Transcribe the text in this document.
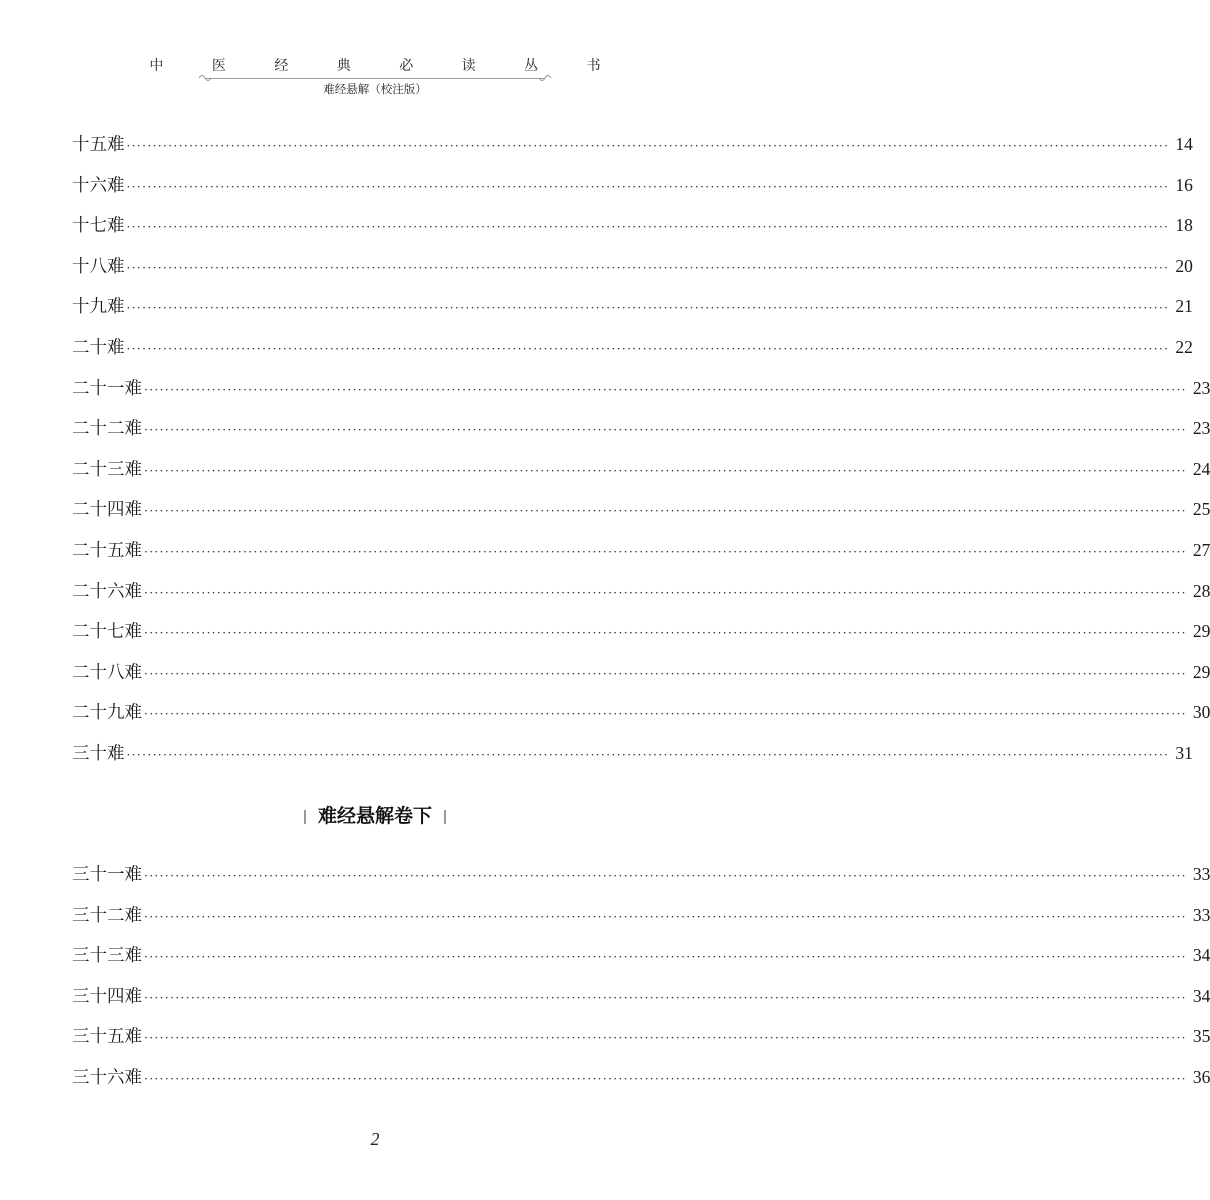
中 医 经 典 必 读 丛 书
难经悬解（校注版）
十五难 ········································································································································································································ 14
十六难 ········································································································································································································ 16
十七难 ········································································································································································································ 18
十八难 ········································································································································································································ 20
十九难 ········································································································································································································ 21
二十难 ········································································································································································································ 22
二十一难 ········································································································································································································ 23
二十二难 ········································································································································································································ 23
二十三难 ········································································································································································································ 24
二十四难 ········································································································································································································ 25
二十五难 ········································································································································································································ 27
二十六难 ········································································································································································································ 28
二十七难 ········································································································································································································ 29
二十八难 ········································································································································································································ 29
二十九难 ········································································································································································································ 30
三十难 ········································································································································································································ 31
难经悬解卷下
三十一难 ········································································································································································································ 33
三十二难 ········································································································································································································ 33
三十三难 ········································································································································································································ 34
三十四难 ········································································································································································································ 34
三十五难 ········································································································································································································ 35
三十六难 ········································································································································································································ 36
2
